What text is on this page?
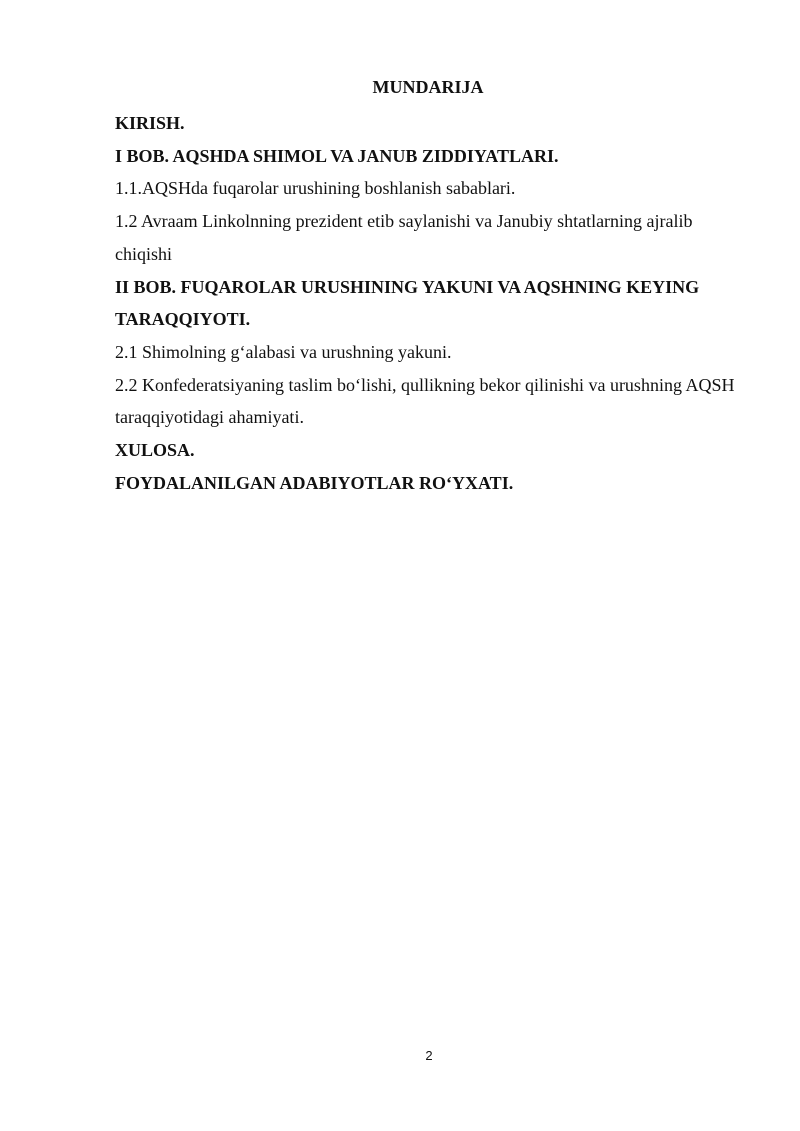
MUNDARIJA

KIRISH.

I BOB. AQSHDA SHIMOL VA JANUB ZIDDIYATLARI.

1.1.AQSHda fuqarolar urushining boshlanish sabablari.

1.2 Avraam Linkolnning prezident etib saylanishi va Janubiy shtatlarning ajralib chiqishi

II BOB. FUQAROLAR URUSHINING YAKUNI VA AQSHNING KEYING TARAQQIYOTI.

2.1 Shimolning g‘alabasi va urushning yakuni.

2.2 Konfederatsiyaning taslim bo‘lishi, qullikning bekor qilinishi va urushning AQSH taraqqiyotidagi ahamiyati.

XULOSA.

FOYDALANILGAN ADABIYOTLAR RO‘YXATI.

2
